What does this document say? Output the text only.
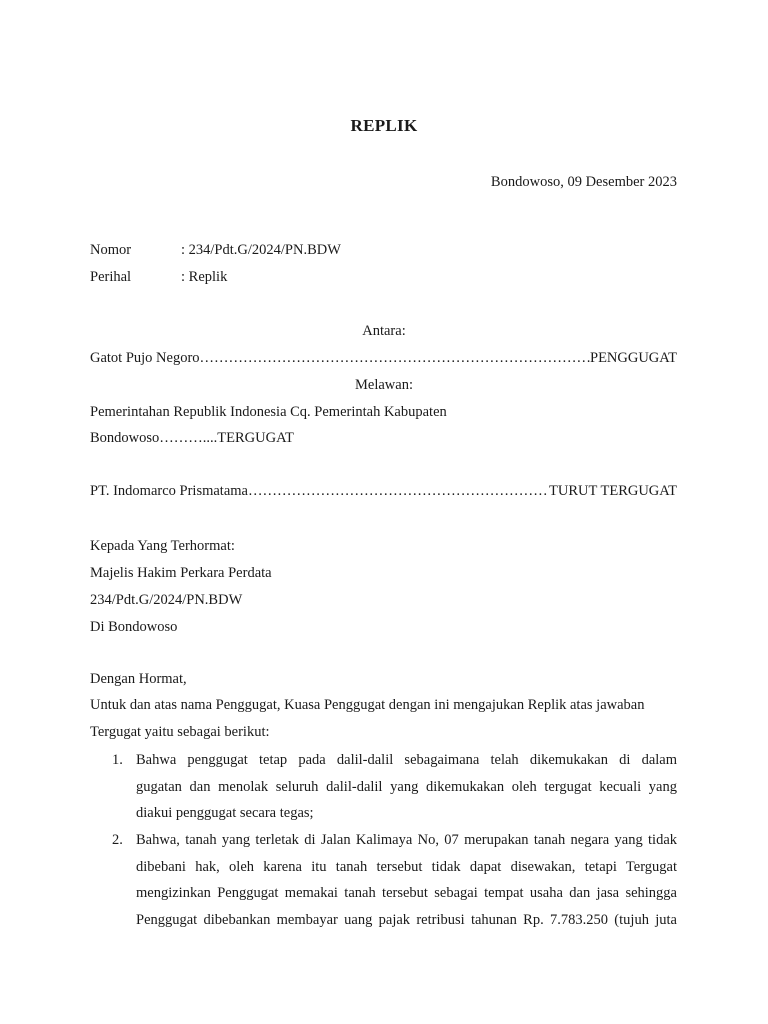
REPLIK
Bondowoso, 09 Desember 2023
Nomor	: 234/Pdt.G/2024/PN.BDW
Perihal	: Replik
Antara:
Gatot Pujo Negoro …………………………………………………………………………………………………………………………………………………………………………	PENGGUGAT
Melawan:
Pemerintahan Republik Indonesia Cq. Pemerintah Kabupaten
Bondowoso………....TERGUGAT
PT. Indomarco Prismatama …………………………………………………………………………………………………………………………………………………………………………	TURUT TERGUGAT
Kepada Yang Terhormat:
Majelis Hakim Perkara Perdata
234/Pdt.G/2024/PN.BDW
Di Bondowoso
Dengan Hormat,
Untuk dan atas nama Penggugat, Kuasa Penggugat dengan ini mengajukan Replik atas jawaban
Tergugat yaitu sebagai berikut:
1. Bahwa penggugat tetap pada dalil-dalil sebagaimana telah dikemukakan di dalam
gugatan dan menolak seluruh dalil-dalil yang dikemukakan oleh tergugat kecuali yang
diakui penggugat secara tegas;
2. Bahwa, tanah yang terletak di Jalan Kalimaya No, 07 merupakan tanah negara yang tidak
dibebani hak, oleh karena itu tanah tersebut tidak dapat disewakan, tetapi Tergugat
mengizinkan Penggugat memakai tanah tersebut sebagai tempat usaha dan jasa sehingga
Penggugat dibebankan membayar uang pajak retribusi tahunan Rp. 7.783.250 (tujuh juta
